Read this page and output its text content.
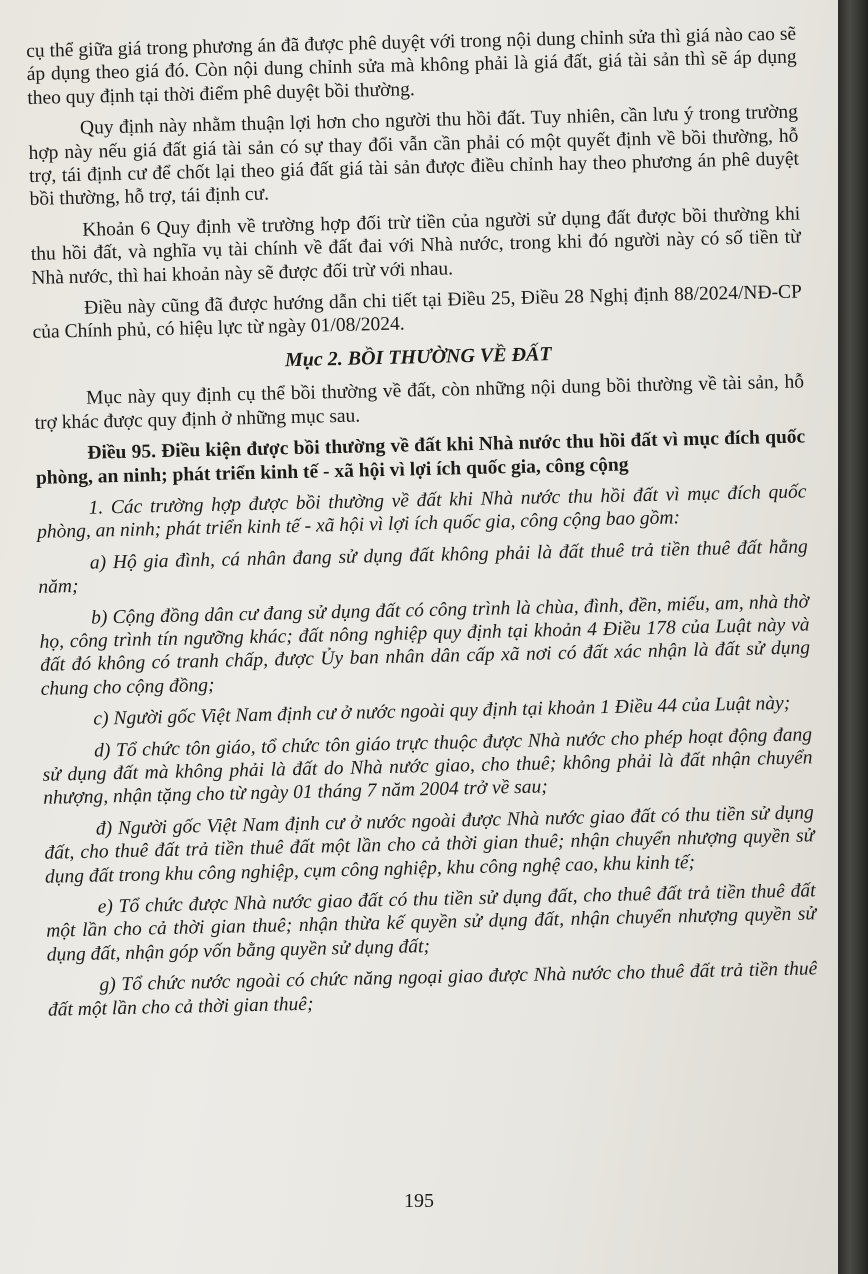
cụ thể giữa giá trong phương án đã được phê duyệt với trong nội dung chỉnh sửa thì giá nào cao sẽ áp dụng theo giá đó. Còn nội dung chỉnh sửa mà không phải là giá đất, giá tài sản thì sẽ áp dụng theo quy định tại thời điểm phê duyệt bồi thường.

Quy định này nhằm thuận lợi hơn cho người thu hồi đất. Tuy nhiên, cần lưu ý trong trường hợp này nếu giá đất giá tài sản có sự thay đổi vẫn cần phải có một quyết định về bồi thường, hỗ trợ, tái định cư để chốt lại theo giá đất giá tài sản được điều chỉnh hay theo phương án phê duyệt bồi thường, hỗ trợ, tái định cư.

Khoản 6 Quy định về trường hợp đối trừ tiền của người sử dụng đất được bồi thường khi thu hồi đất, và nghĩa vụ tài chính về đất đai với Nhà nước, trong khi đó người này có số tiền từ Nhà nước, thì hai khoản này sẽ được đối trừ với nhau.

Điều này cũng đã được hướng dẫn chi tiết tại Điều 25, Điều 28 Nghị định 88/2024/NĐ-CP của Chính phủ, có hiệu lực từ ngày 01/08/2024.

Mục 2. BỒI THƯỜNG VỀ ĐẤT

Mục này quy định cụ thể bồi thường về đất, còn những nội dung bồi thường về tài sản, hỗ trợ khác được quy định ở những mục sau.

Điều 95. Điều kiện được bồi thường về đất khi Nhà nước thu hồi đất vì mục đích quốc phòng, an ninh; phát triển kinh tế - xã hội vì lợi ích quốc gia, công cộng

1. Các trường hợp được bồi thường về đất khi Nhà nước thu hồi đất vì mục đích quốc phòng, an ninh; phát triển kinh tế - xã hội vì lợi ích quốc gia, công cộng bao gồm:

a) Hộ gia đình, cá nhân đang sử dụng đất không phải là đất thuê trả tiền thuê đất hằng năm;

b) Cộng đồng dân cư đang sử dụng đất có công trình là chùa, đình, đền, miếu, am, nhà thờ họ, công trình tín ngưỡng khác; đất nông nghiệp quy định tại khoản 4 Điều 178 của Luật này và đất đó không có tranh chấp, được Ủy ban nhân dân cấp xã nơi có đất xác nhận là đất sử dụng chung cho cộng đồng;

c) Người gốc Việt Nam định cư ở nước ngoài quy định tại khoản 1 Điều 44 của Luật này;

d) Tổ chức tôn giáo, tổ chức tôn giáo trực thuộc được Nhà nước cho phép hoạt động đang sử dụng đất mà không phải là đất do Nhà nước giao, cho thuê; không phải là đất nhận chuyển nhượng, nhận tặng cho từ ngày 01 tháng 7 năm 2004 trở về sau;

đ) Người gốc Việt Nam định cư ở nước ngoài được Nhà nước giao đất có thu tiền sử dụng đất, cho thuê đất trả tiền thuê đất một lần cho cả thời gian thuê; nhận chuyển nhượng quyền sử dụng đất trong khu công nghiệp, cụm công nghiệp, khu công nghệ cao, khu kinh tế;

e) Tổ chức được Nhà nước giao đất có thu tiền sử dụng đất, cho thuê đất trả tiền thuê đất một lần cho cả thời gian thuê; nhận thừa kế quyền sử dụng đất, nhận chuyển nhượng quyền sử dụng đất, nhận góp vốn bằng quyền sử dụng đất;

g) Tổ chức nước ngoài có chức năng ngoại giao được Nhà nước cho thuê đất trả tiền thuê đất một lần cho cả thời gian thuê;

195
